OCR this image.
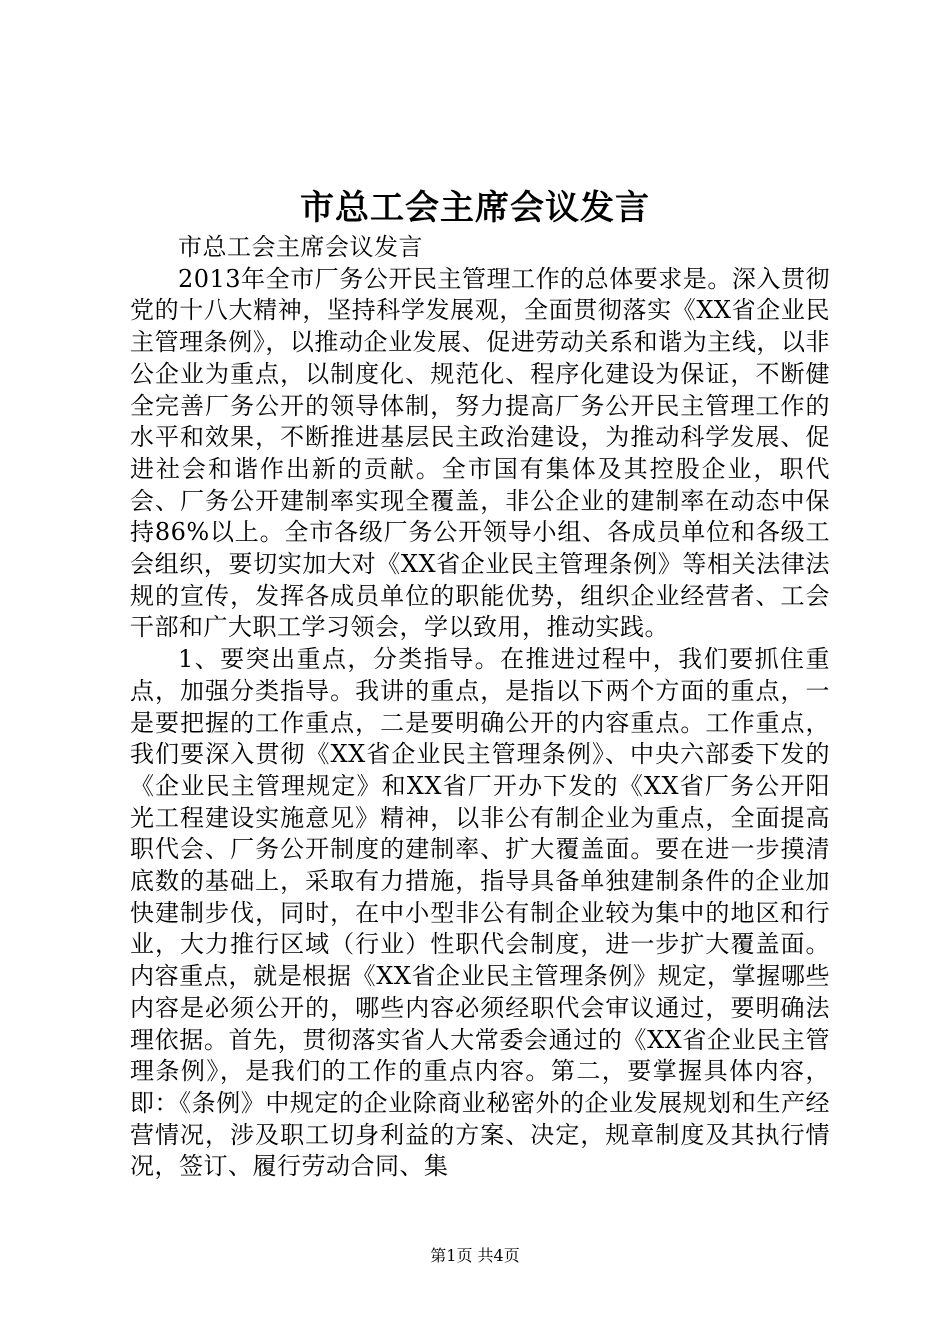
市总工会主席会议发言

市总工会主席会议发言

2013年全市厂务公开民主管理工作的总体要求是。深入贯彻党的十八大精神，坚持科学发展观，全面贯彻落实《XX省企业民主管理条例》，以推动企业发展、促进劳动关系和谐为主线，以非公企业为重点，以制度化、规范化、程序化建设为保证，不断健全完善厂务公开的领导体制，努力提高厂务公开民主管理工作的水平和效果，不断推进基层民主政治建设，为推动科学发展、促进社会和谐作出新的贡献。全市国有集体及其控股企业，职代会、厂务公开建制率实现全覆盖，非公企业的建制率在动态中保持86%以上。全市各级厂务公开领导小组、各成员单位和各级工会组织，要切实加大对《XX省企业民主管理条例》等相关法律法规的宣传，发挥各成员单位的职能优势，组织企业经营者、工会干部和广大职工学习领会，学以致用，推动实践。

1、要突出重点，分类指导。在推进过程中，我们要抓住重点，加强分类指导。我讲的重点，是指以下两个方面的重点，一是要把握的工作重点，二是要明确公开的内容重点。工作重点，我们要深入贯彻《XX省企业民主管理条例》、中央六部委下发的《企业民主管理规定》和XX省厂开办下发的《XX省厂务公开阳光工程建设实施意见》精神，以非公有制企业为重点，全面提高职代会、厂务公开制度的建制率、扩大覆盖面。要在进一步摸清底数的基础上，采取有力措施，指导具备单独建制条件的企业加快建制步伐，同时，在中小型非公有制企业较为集中的地区和行业，大力推行区域（行业）性职代会制度，进一步扩大覆盖面。内容重点，就是根据《XX省企业民主管理条例》规定，掌握哪些内容是必须公开的，哪些内容必须经职代会审议通过，要明确法理依据。首先，贯彻落实省人大常委会通过的《XX省企业民主管理条例》，是我们的工作的重点内容。第二，要掌握具体内容，即：《条例》中规定的企业除商业秘密外的企业发展规划和生产经营情况，涉及职工切身利益的方案、决定，规章制度及其执行情况，签订、履行劳动合同、集

第1页 共4页
